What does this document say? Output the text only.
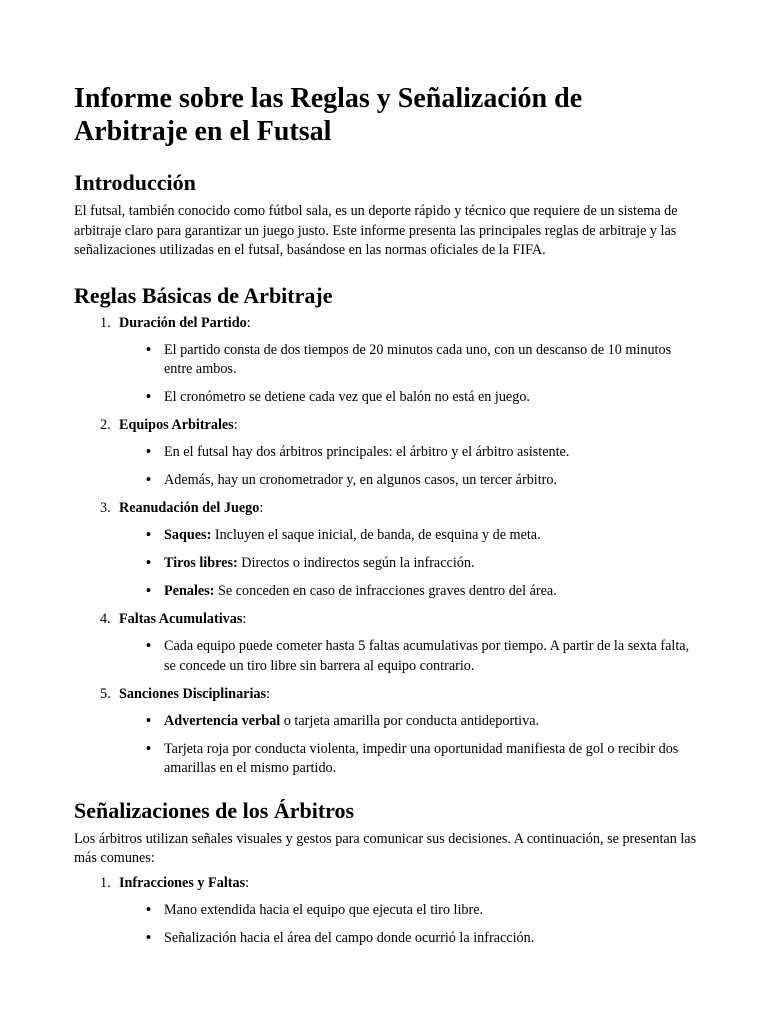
Informe sobre las Reglas y Señalización de Arbitraje en el Futsal
Introducción

El futsal, también conocido como fútbol sala, es un deporte rápido y técnico que requiere de un sistema de arbitraje claro para garantizar un juego justo. Este informe presenta las principales reglas de arbitraje y las señalizaciones utilizadas en el futsal, basándose en las normas oficiales de la FIFA.

Reglas Básicas de Arbitraje
1. Duración del Partido:
• El partido consta de dos tiempos de 20 minutos cada uno, con un descanso de 10 minutos entre ambos.
• El cronómetro se detiene cada vez que el balón no está en juego.
2. Equipos Arbitrales:
• En el futsal hay dos árbitros principales: el árbitro y el árbitro asistente.
• Además, hay un cronometrador y, en algunos casos, un tercer árbitro.
3. Reanudación del Juego:
• Saques: Incluyen el saque inicial, de banda, de esquina y de meta.
• Tiros libres: Directos o indirectos según la infracción.
• Penales: Se conceden en caso de infracciones graves dentro del área.
4. Faltas Acumulativas:
• Cada equipo puede cometer hasta 5 faltas acumulativas por tiempo. A partir de la sexta falta, se concede un tiro libre sin barrera al equipo contrario.
5. Sanciones Disciplinarias:
• Advertencia verbal o tarjeta amarilla por conducta antideportiva.
• Tarjeta roja por conducta violenta, impedir una oportunidad manifiesta de gol o recibir dos amarillas en el mismo partido.
Señalizaciones de los Árbitros

Los árbitros utilizan señales visuales y gestos para comunicar sus decisiones. A continuación, se presentan las más comunes:

1. Infracciones y Faltas:
• Mano extendida hacia el equipo que ejecuta el tiro libre.
• Señalización hacia el área del campo donde ocurrió la infracción.
